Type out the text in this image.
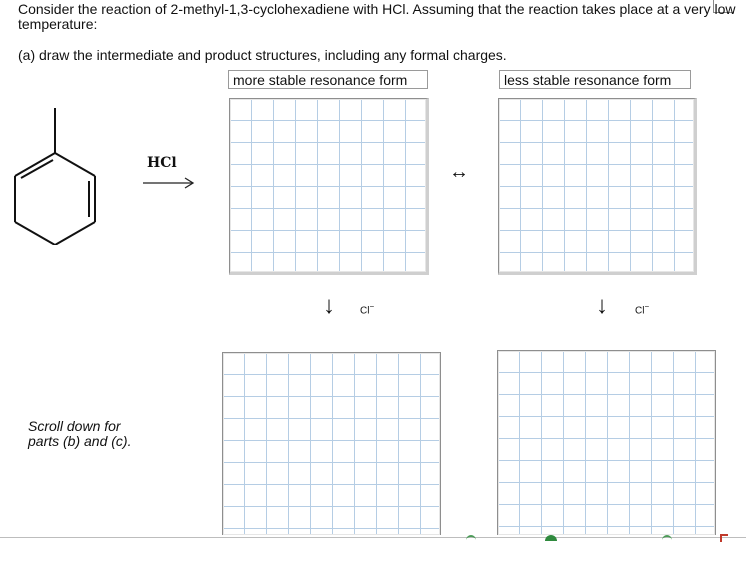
Consider the reaction of 2-methyl-1,3-cyclohexadiene with HCl. Assuming that the reaction takes place at a very low temperature:
(a) draw the intermediate and product structures, including any formal charges.
more stable resonance form	less stable resonance form
HCl	↔
↓	Cl−	↓	Cl−
Scroll down for
parts (b) and (c).
